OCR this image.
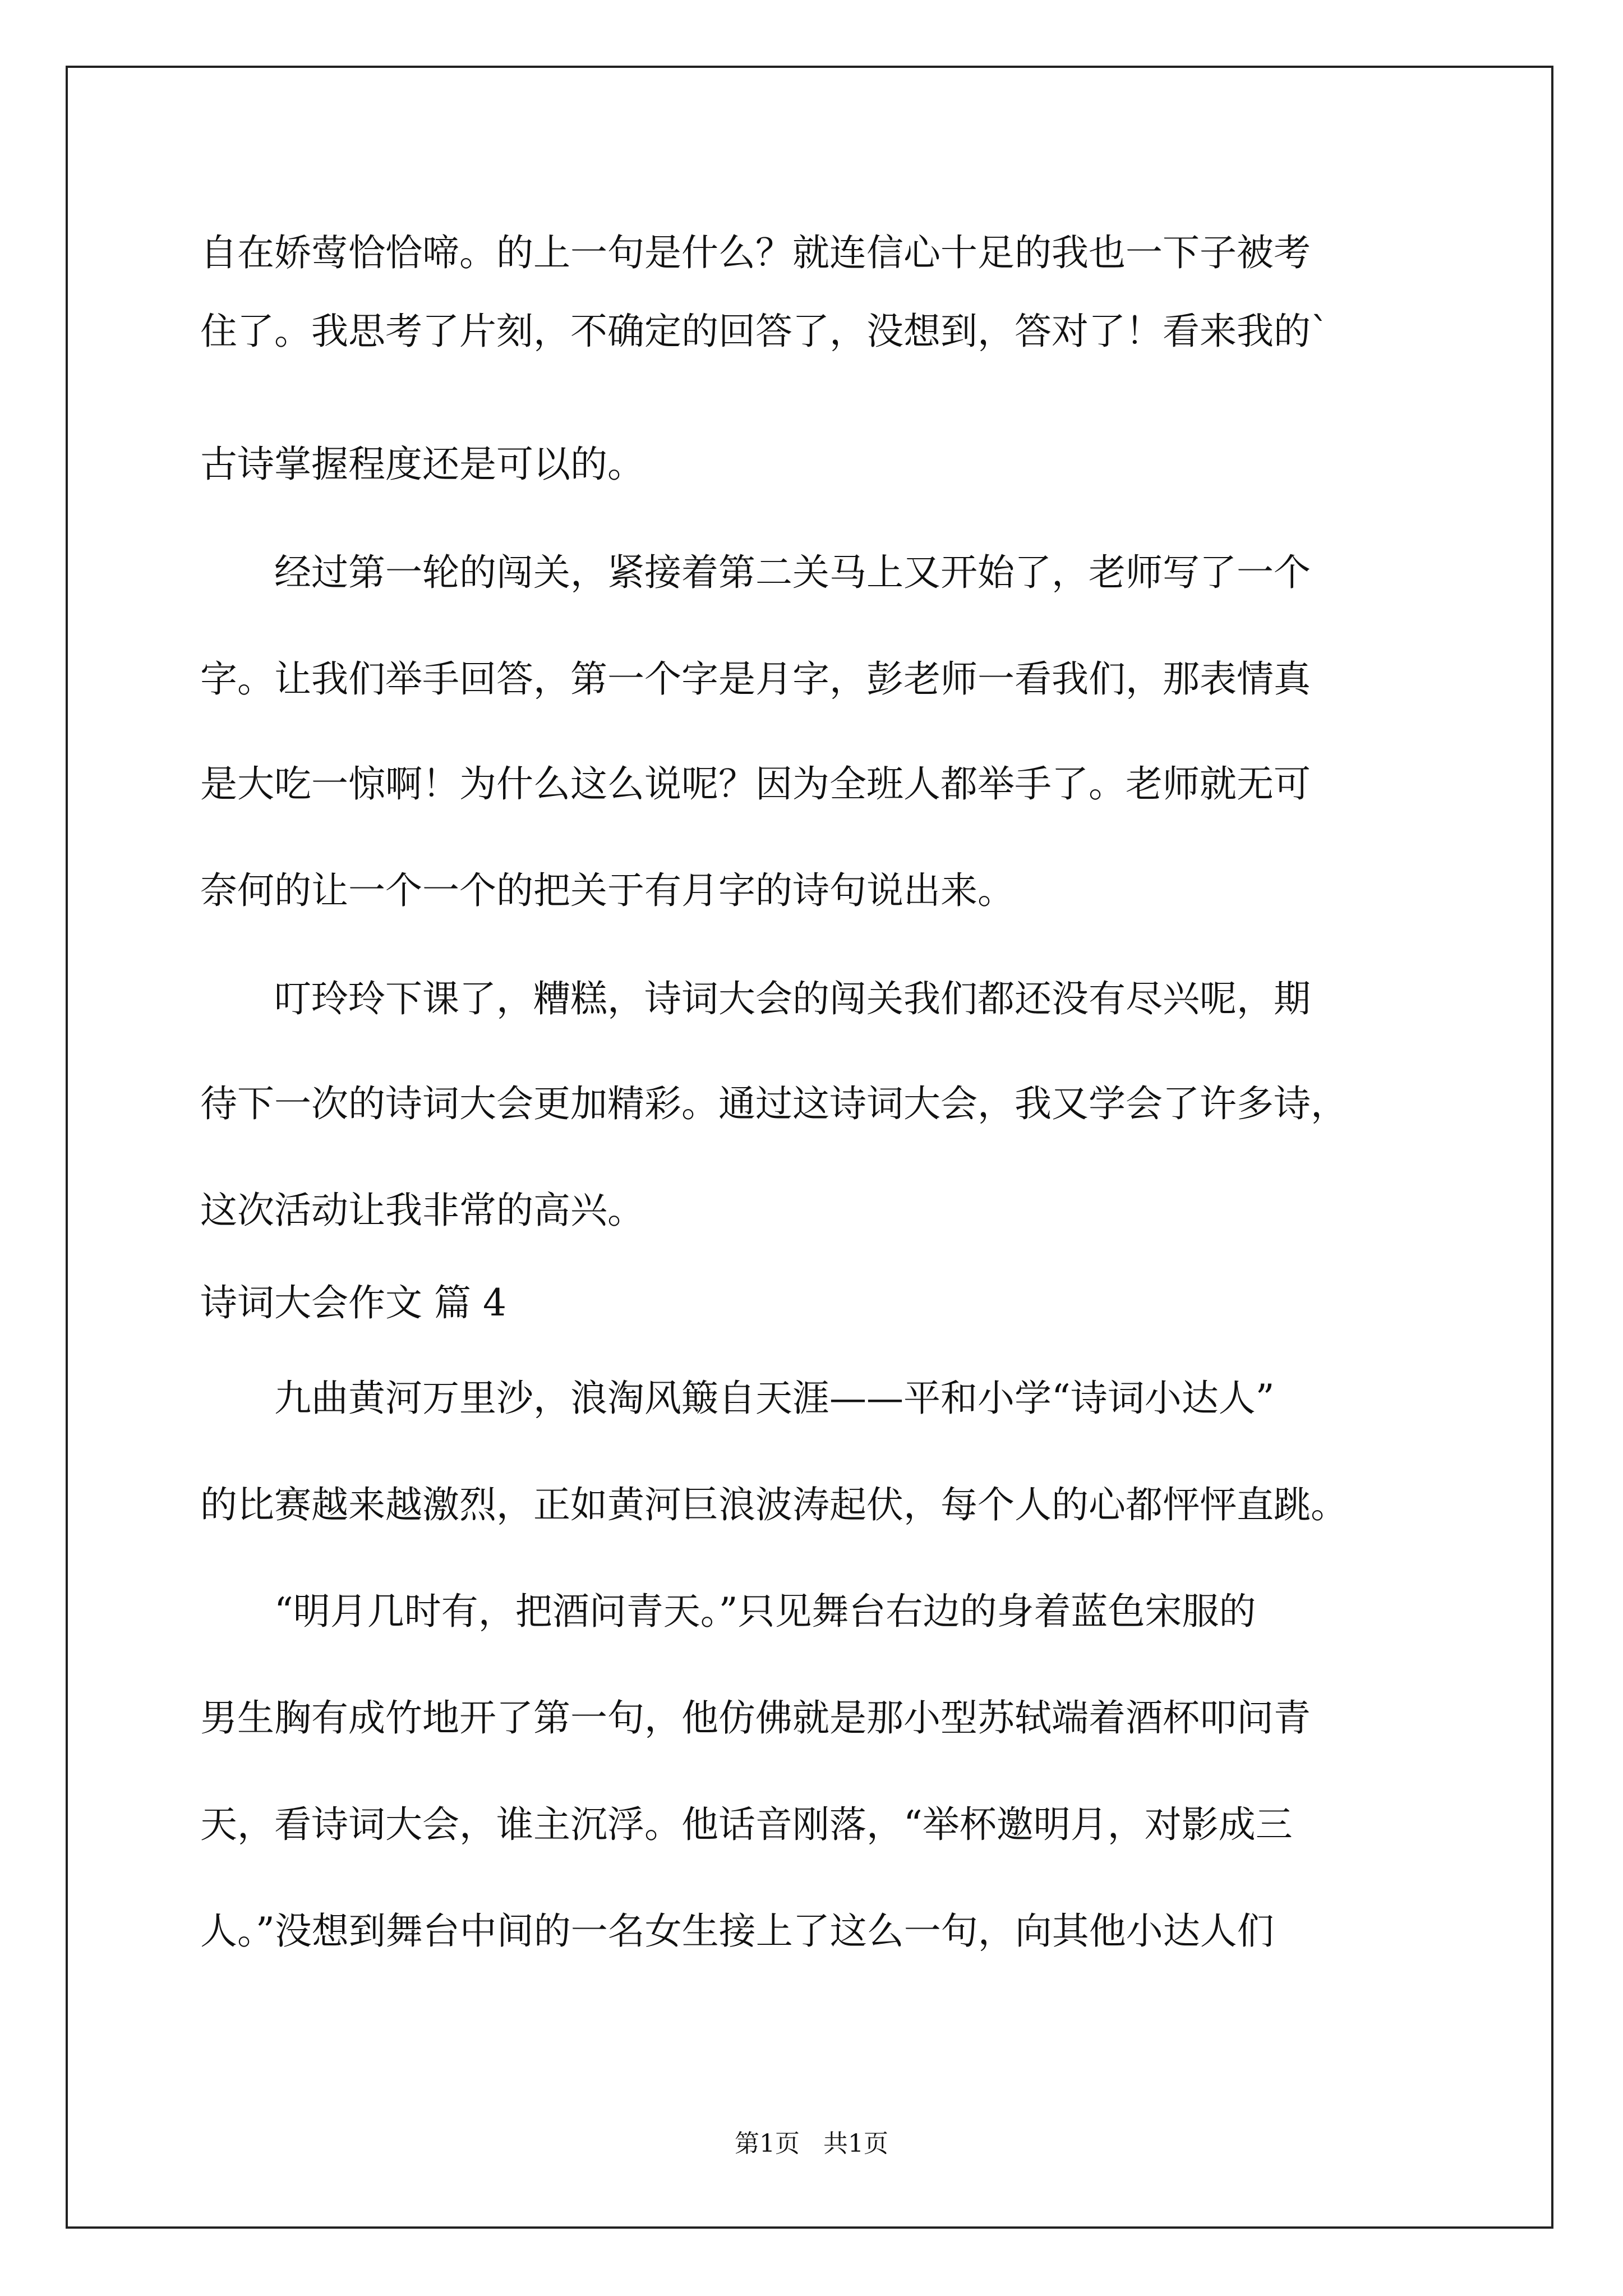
自在娇莺恰恰啼。的上一句是什么？就连信心十足的我也一下子被考
住了。我思考了片刻，不确定的回答了，没想到，答对了！看来我的`
古诗掌握程度还是可以的。
　　经过第一轮的闯关，紧接着第二关马上又开始了，老师写了一个
字。让我们举手回答，第一个字是月字，彭老师一看我们，那表情真
是大吃一惊啊！为什么这么说呢？因为全班人都举手了。老师就无可
奈何的让一个一个的把关于有月字的诗句说出来。
　　叮玲玲下课了，糟糕，诗词大会的闯关我们都还没有尽兴呢，期
待下一次的诗词大会更加精彩。通过这诗词大会，我又学会了许多诗，
这次活动让我非常的高兴。
诗词大会作文 篇 4
　　九曲黄河万里沙，浪淘风簸自天涯——平和小学“诗词小达人”
的比赛越来越激烈，正如黄河巨浪波涛起伏，每个人的心都怦怦直跳。
　　“明月几时有，把酒问青天。”只见舞台右边的身着蓝色宋服的
男生胸有成竹地开了第一句，他仿佛就是那小型苏轼端着酒杯叩问青
天，看诗词大会，谁主沉浮。他话音刚落，“举杯邀明月，对影成三
人。”没想到舞台中间的一名女生接上了这么一句，向其他小达人们
第1页   共1页
